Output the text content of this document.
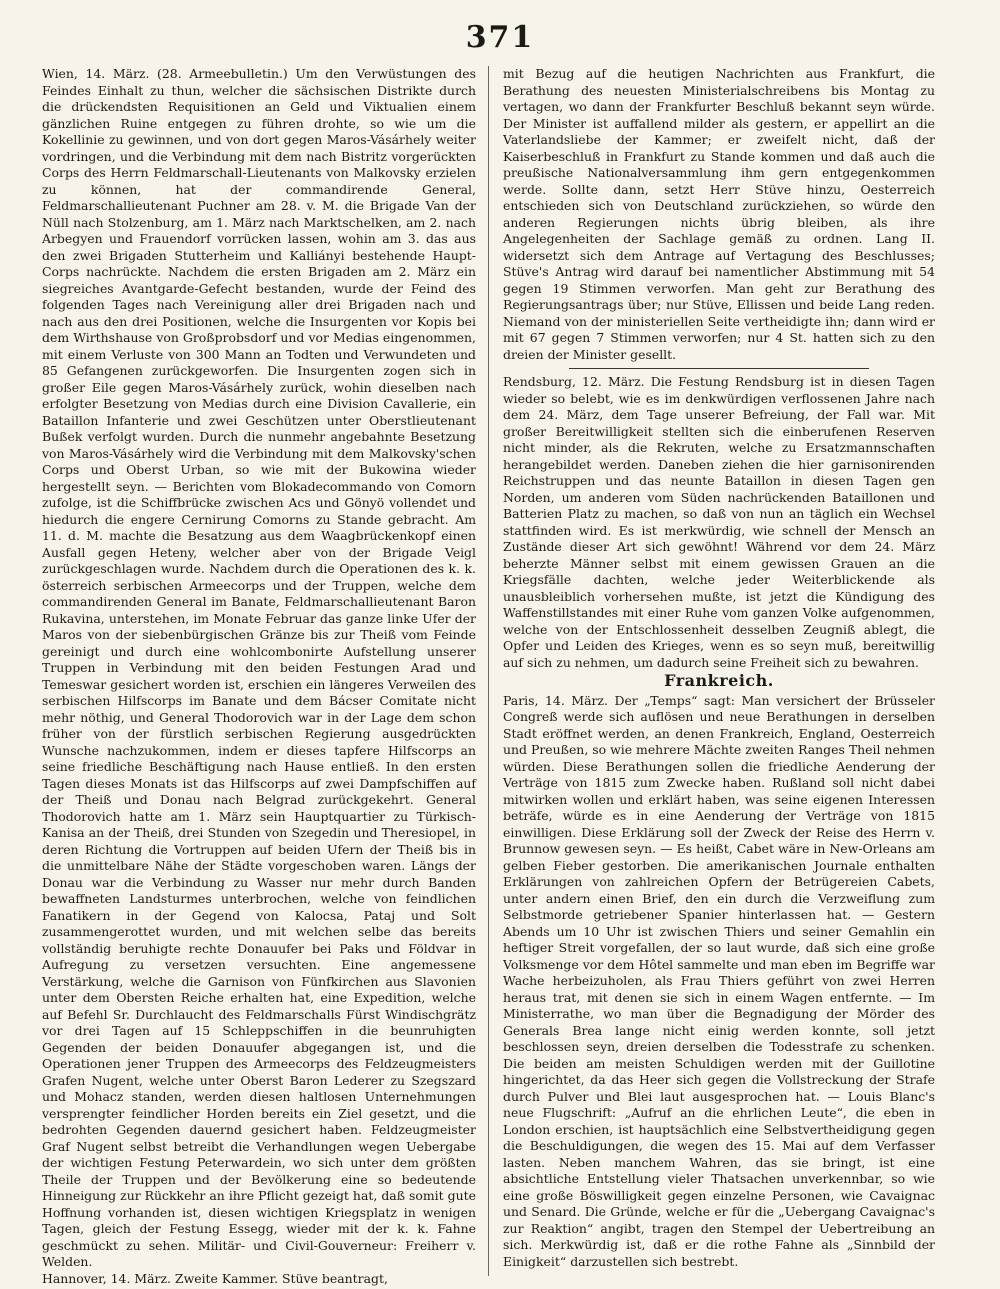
371

Wien, 14. März. (28. Armeebulletin.) Um den Verwüstungen des Feindes Einhalt zu thun, welcher die sächsischen Distrikte durch die drückendsten Requisitionen an Geld und Viktualien einem gänzlichen Ruine entgegen zu führen drohte, so wie um die Kokellinie zu gewinnen, und von dort gegen Maros-Vásárhely weiter vordringen, und die Verbindung mit dem nach Bistritz vorgerückten Corps des Herrn Feldmarschall-Lieutenants von Malkovsky erzielen zu können, hat der commandirende General, Feldmarschallieutenant Puchner am 28. v. M. die Brigade Van der Nüll nach Stolzenburg, am 1. März nach Marktschelken, am 2. nach Arbegyen und Frauendorf vorrücken lassen, wohin am 3. das aus den zwei Brigaden Stutterheim und Kalliányi bestehende Haupt-Corps nachrückte. Nachdem die ersten Brigaden am 2. März ein siegreiches Avantgarde-Gefecht bestanden, wurde der Feind des folgenden Tages nach Vereinigung aller drei Brigaden nach und nach aus den drei Positionen, welche die Insurgenten vor Kopis bei dem Wirthshause von Großprobsdorf und vor Medias eingenommen, mit einem Verluste von 300 Mann an Todten und Verwundeten und 85 Gefangenen zurückgeworfen. Die Insurgenten zogen sich in großer Eile gegen Maros-Vásárhely zurück, wohin dieselben nach erfolgter Besetzung von Medias durch eine Division Cavallerie, ein Bataillon Infanterie und zwei Geschützen unter Oberstlieutenant Bußek verfolgt wurden. Durch die nunmehr angebahnte Besetzung von Maros-Vásárhely wird die Verbindung mit dem Malkovsky'schen Corps und Oberst Urban, so wie mit der Bukowina wieder hergestellt seyn. — Berichten vom Blokadecommando von Comorn zufolge, ist die Schiffbrücke zwischen Acs und Gönyö vollendet und hiedurch die engere Cernirung Comorns zu Stande gebracht. Am 11. d. M. machte die Besatzung aus dem Waagbrückenkopf einen Ausfall gegen Heteny, welcher aber von der Brigade Veigl zurückgeschlagen wurde. Nachdem durch die Operationen des k. k. österreich serbischen Armeecorps und der Truppen, welche dem commandirenden General im Banate, Feldmarschallieutenant Baron Rukavina, unterstehen, im Monate Februar das ganze linke Ufer der Maros von der siebenbürgischen Gränze bis zur Theiß vom Feinde gereinigt und durch eine wohlcombonirte Aufstellung unserer Truppen in Verbindung mit den beiden Festungen Arad und Temeswar gesichert worden ist, erschien ein längeres Verweilen des serbischen Hilfscorps im Banate und dem Bácser Comitate nicht mehr nöthig, und General Thodorovich war in der Lage dem schon früher von der fürstlich serbischen Regierung ausgedrückten Wunsche nachzukommen, indem er dieses tapfere Hilfscorps an seine friedliche Beschäftigung nach Hause entließ. In den ersten Tagen dieses Monats ist das Hilfscorps auf zwei Dampfschiffen auf der Theiß und Donau nach Belgrad zurückgekehrt. General Thodorovich hatte am 1. März sein Hauptquartier zu Türkisch-Kanisa an der Theiß, drei Stunden von Szegedin und Theresiopel, in deren Richtung die Vortruppen auf beiden Ufern der Theiß bis in die unmittelbare Nähe der Städte vorgeschoben waren. Längs der Donau war die Verbindung zu Wasser nur mehr durch Banden bewaffneten Landsturmes unterbrochen, welche von feindlichen Fanatikern in der Gegend von Kalocsa, Pataj und Solt zusammengerottet wurden, und mit welchen selbe das bereits vollständig beruhigte rechte Donauufer bei Paks und Földvar in Aufregung zu versetzen versuchten. Eine angemessene Verstärkung, welche die Garnison von Fünfkirchen aus Slavonien unter dem Obersten Reiche erhalten hat, eine Expedition, welche auf Befehl Sr. Durchlaucht des Feldmarschalls Fürst Windischgrätz vor drei Tagen auf 15 Schleppschiffen in die beunruhigten Gegenden der beiden Donauufer abgegangen ist, und die Operationen jener Truppen des Armeecorps des Feldzeugmeisters Grafen Nugent, welche unter Oberst Baron Lederer zu Szegszard und Mohacz standen, werden diesen haltlosen Unternehmungen versprengter feindlicher Horden bereits ein Ziel gesetzt, und die bedrohten Gegenden dauernd gesichert haben. Feldzeugmeister Graf Nugent selbst betreibt die Verhandlungen wegen Uebergabe der wichtigen Festung Peterwardein, wo sich unter dem größten Theile der Truppen und der Bevölkerung eine so bedeutende Hinneigung zur Rückkehr an ihre Pflicht gezeigt hat, daß somit gute Hoffnung vorhanden ist, diesen wichtigen Kriegsplatz in wenigen Tagen, gleich der Festung Essegg, wieder mit der k. k. Fahne geschmückt zu sehen. Militär- und Civil-Gouverneur: Freiherr v. Welden.

Hannover, 14. März. Zweite Kammer. Stüve beantragt,

mit Bezug auf die heutigen Nachrichten aus Frankfurt, die Berathung des neuesten Ministerialschreibens bis Montag zu vertagen, wo dann der Frankfurter Beschluß bekannt seyn würde. Der Minister ist auffallend milder als gestern, er appellirt an die Vaterlandsliebe der Kammer; er zweifelt nicht, daß der Kaiserbeschluß in Frankfurt zu Stande kommen und daß auch die preußische Nationalversammlung ihm gern entgegenkommen werde. Sollte dann, setzt Herr Stüve hinzu, Oesterreich entschieden sich von Deutschland zurückziehen, so würde den anderen Regierungen nichts übrig bleiben, als ihre Angelegenheiten der Sachlage gemäß zu ordnen. Lang II. widersetzt sich dem Antrage auf Vertagung des Beschlusses; Stüve's Antrag wird darauf bei namentlicher Abstimmung mit 54 gegen 19 Stimmen verworfen. Man geht zur Berathung des Regierungsantrags über; nur Stüve, Ellissen und beide Lang reden. Niemand von der ministeriellen Seite vertheidigte ihn; dann wird er mit 67 gegen 7 Stimmen verworfen; nur 4 St. hatten sich zu den dreien der Minister gesellt.

Rendsburg, 12. März. Die Festung Rendsburg ist in diesen Tagen wieder so belebt, wie es im denkwürdigen verflossenen Jahre nach dem 24. März, dem Tage unserer Befreiung, der Fall war. Mit großer Bereitwilligkeit stellten sich die einberufenen Reserven nicht minder, als die Rekruten, welche zu Ersatzmannschaften herangebildet werden. Daneben ziehen die hier garnisonirenden Reichstruppen und das neunte Bataillon in diesen Tagen gen Norden, um anderen vom Süden nachrückenden Bataillonen und Batterien Platz zu machen, so daß von nun an täglich ein Wechsel stattfinden wird. Es ist merkwürdig, wie schnell der Mensch an Zustände dieser Art sich gewöhnt! Während vor dem 24. März beherzte Männer selbst mit einem gewissen Grauen an die Kriegsfälle dachten, welche jeder Weiterblickende als unausbleiblich vorhersehen mußte, ist jetzt die Kündigung des Waffenstillstandes mit einer Ruhe vom ganzen Volke aufgenommen, welche von der Entschlossenheit desselben Zeugniß ablegt, die Opfer und Leiden des Krieges, wenn es so seyn muß, bereitwillig auf sich zu nehmen, um dadurch seine Freiheit sich zu bewahren.

Frankreich.

Paris, 14. März. Der „Temps“ sagt: Man versichert der Brüsseler Congreß werde sich auflösen und neue Berathungen in derselben Stadt eröffnet werden, an denen Frankreich, England, Oesterreich und Preußen, so wie mehrere Mächte zweiten Ranges Theil nehmen würden. Diese Berathungen sollen die friedliche Aenderung der Verträge von 1815 zum Zwecke haben. Rußland soll nicht dabei mitwirken wollen und erklärt haben, was seine eigenen Interessen beträfe, würde es in eine Aenderung der Verträge von 1815 einwilligen. Diese Erklärung soll der Zweck der Reise des Herrn v. Brunnow gewesen seyn. — Es heißt, Cabet wäre in New-Orleans am gelben Fieber gestorben. Die amerikanischen Journale enthalten Erklärungen von zahlreichen Opfern der Betrügereien Cabets, unter andern einen Brief, den ein durch die Verzweiflung zum Selbstmorde getriebener Spanier hinterlassen hat. — Gestern Abends um 10 Uhr ist zwischen Thiers und seiner Gemahlin ein heftiger Streit vorgefallen, der so laut wurde, daß sich eine große Volksmenge vor dem Hôtel sammelte und man eben im Begriffe war Wache herbeizuholen, als Frau Thiers geführt von zwei Herren heraus trat, mit denen sie sich in einem Wagen entfernte. — Im Ministerrathe, wo man über die Begnadigung der Mörder des Generals Brea lange nicht einig werden konnte, soll jetzt beschlossen seyn, dreien derselben die Todesstrafe zu schenken. Die beiden am meisten Schuldigen werden mit der Guillotine hingerichtet, da das Heer sich gegen die Vollstreckung der Strafe durch Pulver und Blei laut ausgesprochen hat. — Louis Blanc's neue Flugschrift: „Aufruf an die ehrlichen Leute“, die eben in London erschien, ist hauptsächlich eine Selbstvertheidigung gegen die Beschuldigungen, die wegen des 15. Mai auf dem Verfasser lasten. Neben manchem Wahren, das sie bringt, ist eine absichtliche Entstellung vieler Thatsachen unverkennbar, so wie eine große Böswilligkeit gegen einzelne Personen, wie Cavaignac und Senard. Die Gründe, welche er für die „Uebergang Cavaignac's zur Reaktion“ angibt, tragen den Stempel der Uebertreibung an sich. Merkwürdig ist, daß er die rothe Fahne als „Sinnbild der Einigkeit“ darzustellen sich bestrebt.
